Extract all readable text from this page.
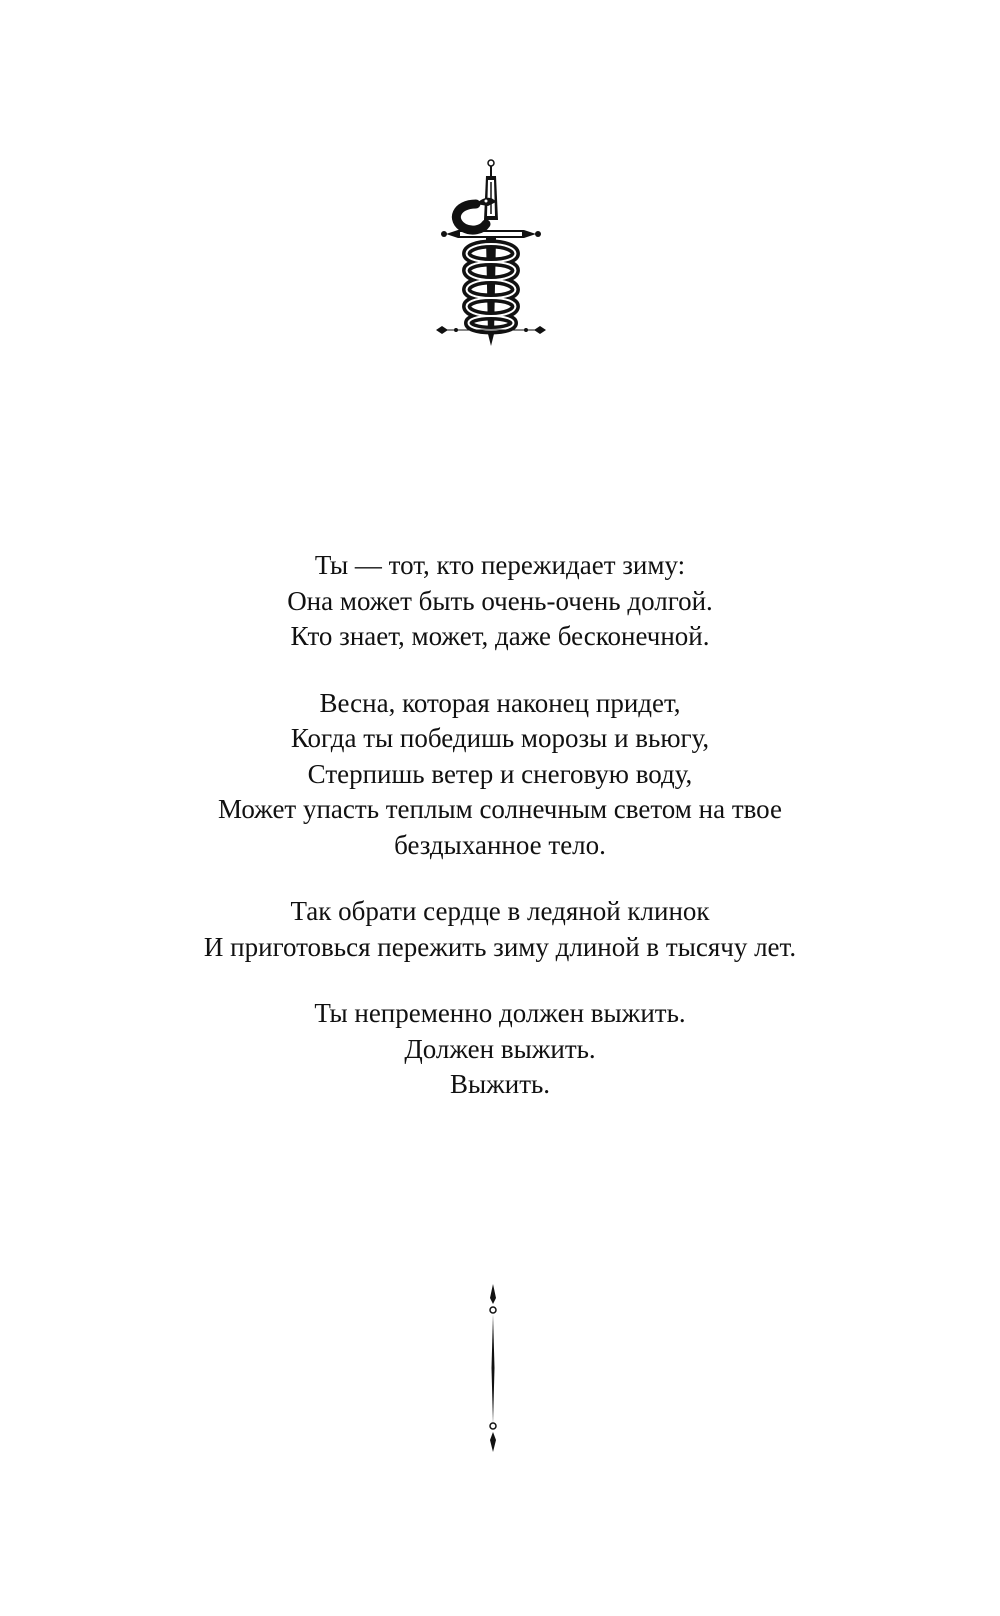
Ты — тот, кто пережидает зиму:
Она может быть очень-очень долгой.
Кто знает, может, даже бесконечной.
Весна, которая наконец придет,
Когда ты победишь морозы и вьюгу,
Стерпишь ветер и снеговую воду,
Может упасть теплым солнечным светом на твое
бездыханное тело.
Так обрати сердце в ледяной клинок
И приготовься пережить зиму длиной в тысячу лет.
Ты непременно должен выжить.
Должен выжить.
Выжить.
